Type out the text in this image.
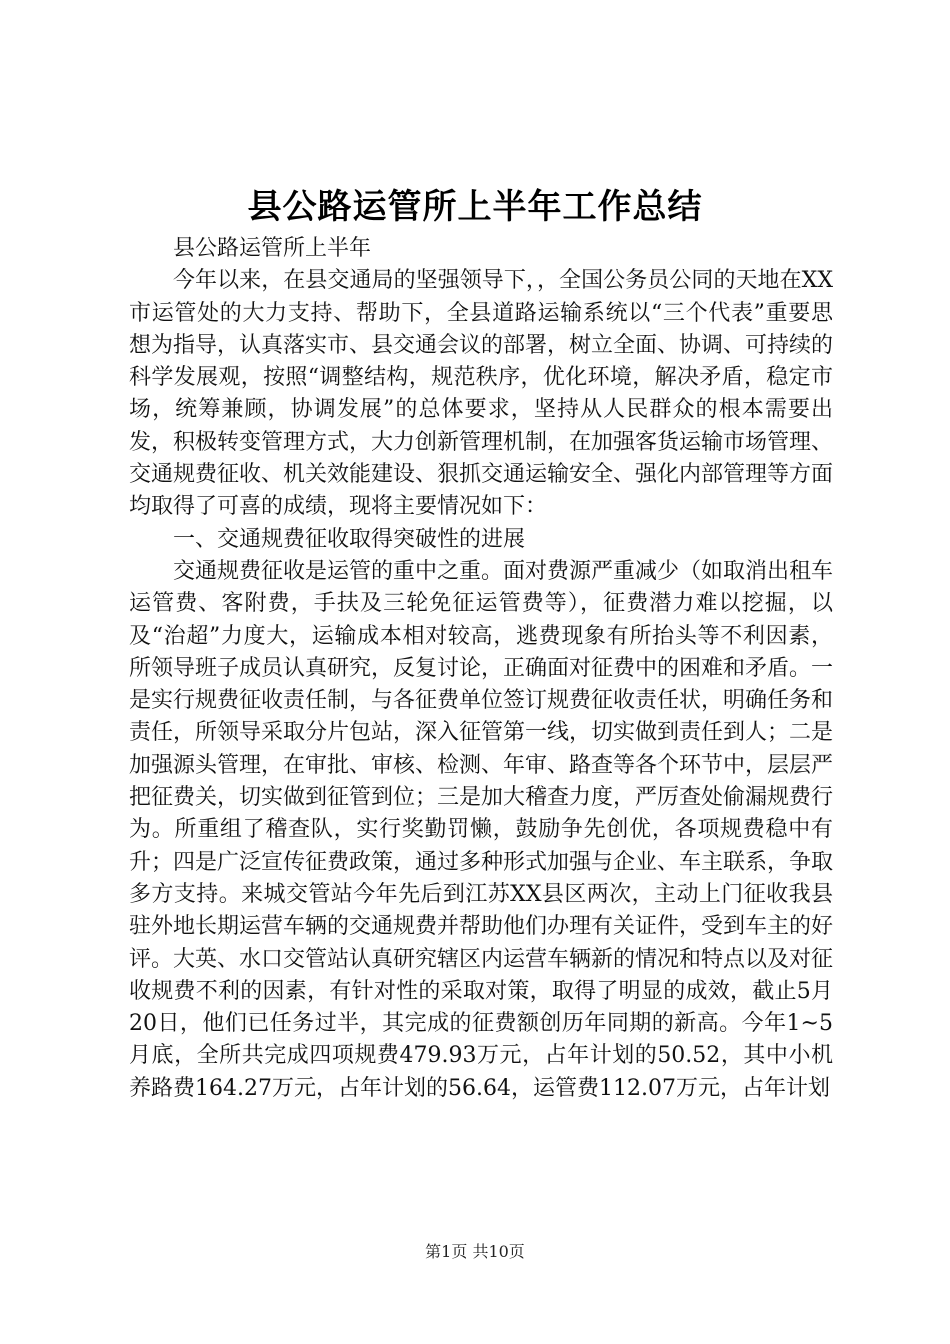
县公路运管所上半年工作总结

县公路运管所上半年

今年以来，在县交通局的坚强领导下，，全国公务员公同的天地在XX市运管处的大力支持、帮助下，全县道路运输系统以“三个代表”重要思想为指导，认真落实市、县交通会议的部署，树立全面、协调、可持续的科学发展观，按照“调整结构，规范秩序，优化环境，解决矛盾，稳定市场，统筹兼顾，协调发展”的总体要求，坚持从人民群众的根本需要出发，积极转变管理方式，大力创新管理机制，在加强客货运输市场管理、交通规费征收、机关效能建设、狠抓交通运输安全、强化内部管理等方面均取得了可喜的成绩，现将主要情况如下：

一、交通规费征收取得突破性的进展

交通规费征收是运管的重中之重。面对费源严重减少（如取消出租车运管费、客附费，手扶及三轮免征运管费等），征费潜力难以挖掘，以及“治超”力度大，运输成本相对较高，逃费现象有所抬头等不利因素，所领导班子成员认真研究，反复讨论，正确面对征费中的困难和矛盾。一是实行规费征收责任制，与各征费单位签订规费征收责任状，明确任务和责任，所领导采取分片包站，深入征管第一线，切实做到责任到人；二是加强源头管理，在审批、审核、检测、年审、路查等各个环节中，层层严把征费关，切实做到征管到位；三是加大稽查力度，严厉查处偷漏规费行为。所重组了稽查队，实行奖勤罚懒，鼓励争先创优，各项规费稳中有升；四是广泛宣传征费政策，通过多种形式加强与企业、车主联系，争取多方支持。来城交管站今年先后到江苏XX县区两次，主动上门征收我县驻外地长期运营车辆的交通规费并帮助他们办理有关证件，受到车主的好评。大英、水口交管站认真研究辖区内运营车辆新的情况和特点以及对征收规费不利的因素，有针对性的采取对策，取得了明显的成效，截止5月20日，他们已任务过半，其完成的征费额创历年同期的新高。今年1~5月底，全所共完成四项规费479.93万元，占年计划的50.52，其中小机养路费164.27万元，占年计划的56.64，运管费112.07万元，占年计划

第1页 共10页
